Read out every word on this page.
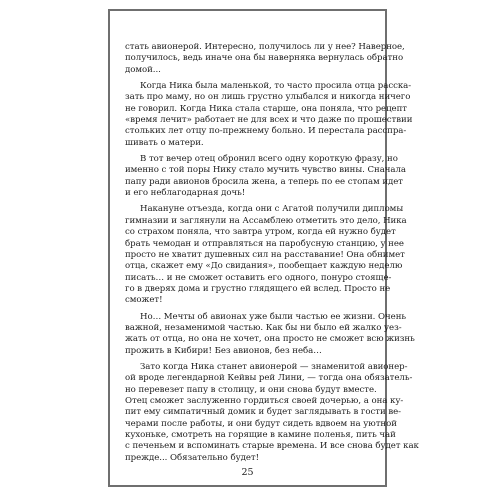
стать авионерой. Интересно, получилось ли у нее? Наверное,
получилось, ведь иначе она бы наверняка вернулась обратно
домой...
Когда Ника была маленькой, то часто просила отца расска-
зать про маму, но он лишь грустно улыбался и никогда ничего
не говорил. Когда Ника стала старше, она поняла, что рецепт
«время лечит» работает не для всех и что даже по прошествии
стольких лет отцу по-прежнему больно. И перестала расспра-
шивать о матери.
В тот вечер отец обронил всего одну короткую фразу, но
именно с той поры Нику стало мучить чувство вины. Сначала
папу ради авионов бросила жена, а теперь по ее стопам идет
и его неблагодарная дочь!
Накануне отъезда, когда они с Агатой получили дипломы
гимназии и заглянули на Ассамблею отметить это дело, Ника
со страхом поняла, что завтра утром, когда ей нужно будет
брать чемодан и отправляться на паробусную станцию, у нее
просто не хватит душевных сил на расставание! Она обнимет
отца, скажет ему «До свидания», пообещает каждую неделю
писать… и не сможет оставить его одного, понуро стояще-
го в дверях дома и грустно глядящего ей вслед. Просто не
сможет!
Но… Мечты об авионах уже были частью ее жизни. Очень
важной, незаменимой частью. Как бы ни было ей жалко уез-
жать от отца, но она не хочет, она просто не сможет всю жизнь
прожить в Кибири! Без авионов, без неба…
Зато когда Ника станет авионерой — знаменитой авионер-
ой вроде легендарной Кейвы рей Лини, — тогда она обязатель-
но перевезет папу в столицу, и они снова будут вместе.
Отец сможет заслуженно гордиться своей дочерью, а она ку-
пит ему симпатичный домик и будет заглядывать в гости ве-
черами после работы, и они будут сидеть вдвоем на уютной
кухоньке, смотреть на горящие в камине поленья, пить чай
с печеньем и вспоминать старые времена. И все снова будет как
прежде... Обязательно будет!
25
